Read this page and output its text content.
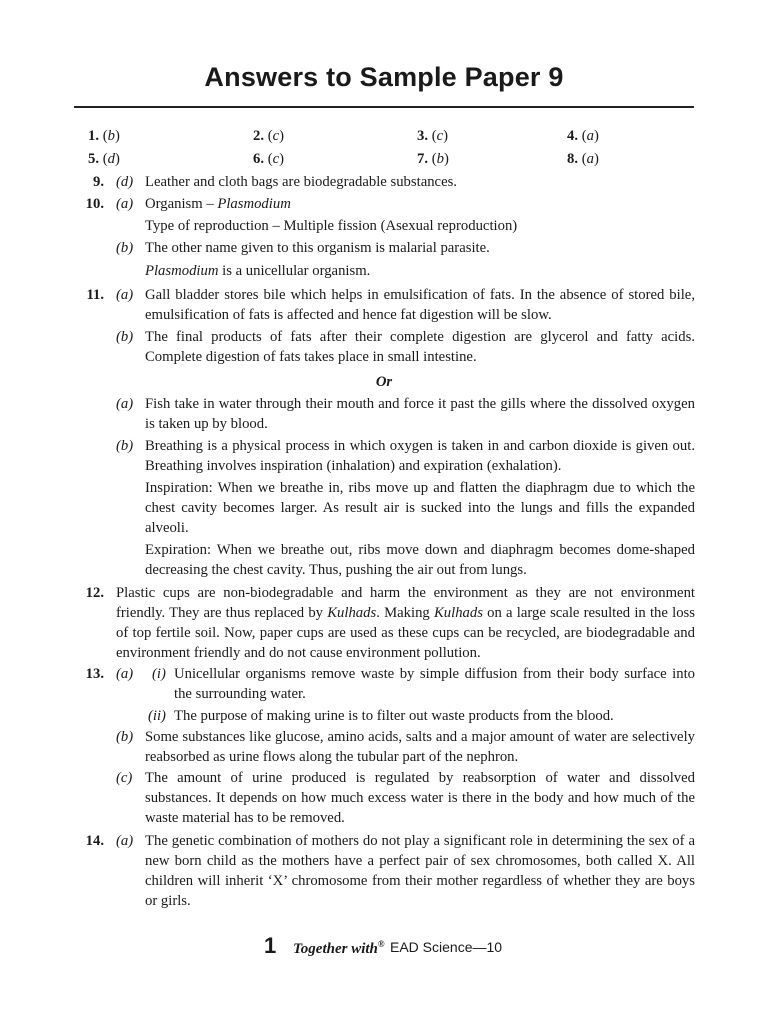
Answers to Sample Paper 9
1. (b)	2. (c)	3. (c)	4. (a)
5. (d)	6. (c)	7. (b)	8. (a)
9. (d) Leather and cloth bags are biodegradable substances.
10. (a) Organism – Plasmodium
Type of reproduction – Multiple fission (Asexual reproduction)
(b) The other name given to this organism is malarial parasite.
Plasmodium is a unicellular organism.
11. (a) Gall bladder stores bile which helps in emulsification of fats. In the absence of stored bile, emulsification of fats is affected and hence fat digestion will be slow.
(b) The final products of fats after their complete digestion are glycerol and fatty acids. Complete digestion of fats takes place in small intestine.
Or
(a) Fish take in water through their mouth and force it past the gills where the dissolved oxygen is taken up by blood.
(b) Breathing is a physical process in which oxygen is taken in and carbon dioxide is given out. Breathing involves inspiration (inhalation) and expiration (exhalation).
Inspiration: When we breathe in, ribs move up and flatten the diaphragm due to which the chest cavity becomes larger. As result air is sucked into the lungs and fills the expanded alveoli.
Expiration: When we breathe out, ribs move down and diaphragm becomes dome-shaped decreasing the chest cavity. Thus, pushing the air out from lungs.
12. Plastic cups are non-biodegradable and harm the environment as they are not environment friendly. They are thus replaced by Kulhads. Making Kulhads on a large scale resulted in the loss of top fertile soil. Now, paper cups are used as these cups can be recycled, are biodegradable and environment friendly and do not cause environment pollution.
13. (a) (i) Unicellular organisms remove waste by simple diffusion from their body surface into the surrounding water.
(ii) The purpose of making urine is to filter out waste products from the blood.
(b) Some substances like glucose, amino acids, salts and a major amount of water are selectively reabsorbed as urine flows along the tubular part of the nephron.
(c) The amount of urine produced is regulated by reabsorption of water and dissolved substances. It depends on how much excess water is there in the body and how much of the waste material has to be removed.
14. (a) The genetic combination of mothers do not play a significant role in determining the sex of a new born child as the mothers have a perfect pair of sex chromosomes, both called X. All children will inherit ‘X’ chromosome from their mother regardless of whether they are boys or girls.
1 Together with® EAD Science—10
